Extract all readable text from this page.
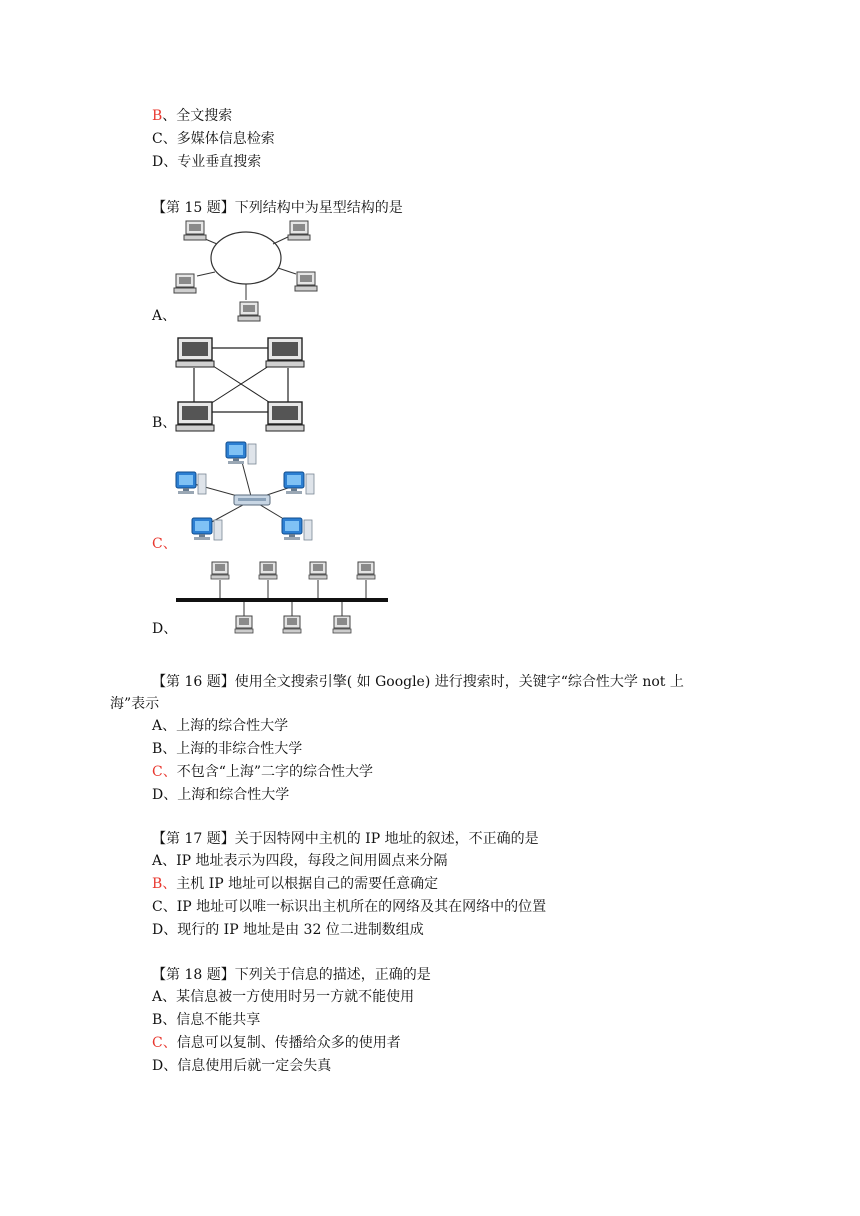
B、全文搜索
C、多媒体信息检索
D、专业垂直搜索
【第 15 题】下列结构中为星型结构的是
A、
B、
C、
D、
【第 16 题】使用全文搜索引擎( 如 Google) 进行搜索时，关键字“综合性大学 not 上
海”表示
A、上海的综合性大学
B、上海的非综合性大学
C、不包含“上海”二字的综合性大学
D、上海和综合性大学
【第 17 题】关于因特网中主机的 IP 地址的叙述，不正确的是
A、IP 地址表示为四段，每段之间用圆点来分隔
B、主机 IP 地址可以根据自己的需要任意确定
C、IP 地址可以唯一标识出主机所在的网络及其在网络中的位置
D、现行的 IP 地址是由 32 位二进制数组成
【第 18 题】下列关于信息的描述，正确的是
A、某信息被一方使用时另一方就不能使用
B、信息不能共享
C、信息可以复制、传播给众多的使用者
D、信息使用后就一定会失真
